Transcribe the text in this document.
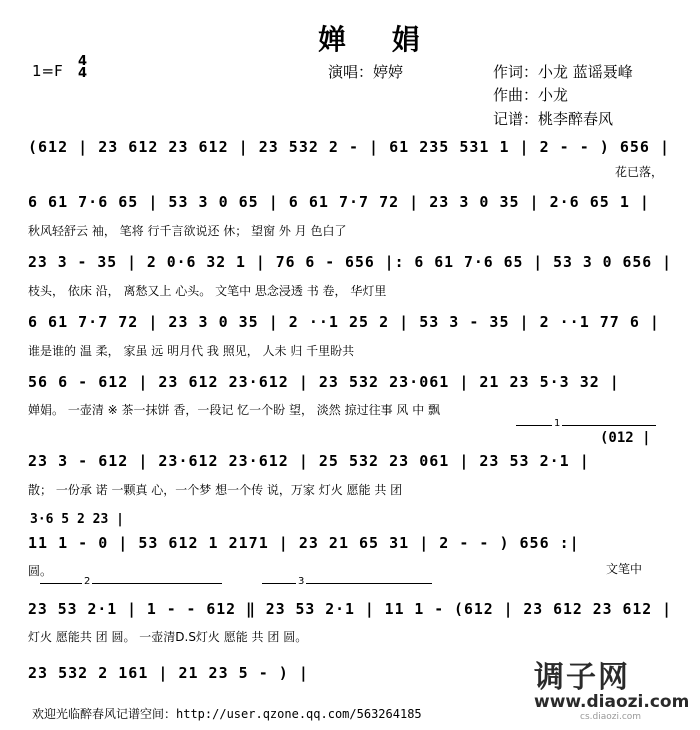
婵 娟
1=F
4
4	演唱：婷婷	作词：小龙 蓝谣聂峰
作曲：小龙
记谱：桃李醉春风
(612 | 23 612 23 612 | 23 532 2 - | 61 235 531 1 | 2 - - ) 656 |
花已落，
6 61 7·6 65 | 53 3 0 65 | 6 61 7·7 72 | 23 3 0 35 | 2·6 65 1 |
秋风轻舒云 袖， 笔将 行千言欲说还 休； 望窗 外 月 色白了
23 3 - 35 | 2 0·6 32 1 | 76 6 - 656 |: 6 61 7·6 65 | 53 3 0 656 |
枝头， 依床 沿， 离愁又上 心头。 文笔中 思念浸透 书 卷， 华灯里
6 61 7·7 72 | 23 3 0 35 | 2 ··1 25 2 | 53 3 - 35 | 2 ··1 77 6 |
谁是谁的 温 柔， 家虽 远 明月代 我 照见， 人未 归 千里盼共
56 6 - 612 | 23 612 23·612 | 23 532 23·061 | 21 23 5·3 32 |
婵娟。 一壶清 ※ 茶一抹饼 香，一段记 忆一个盼 望， 淡然 掠过往事 风 中 飘
1
(012 |
23 3 - 612 | 23·612 23·612 | 25 532 23 061 | 23 53 2·1 |
散； 一份承 诺 一颗真 心，一个梦 想一个传 说，万家 灯火 愿能 共 团
3·6 5 2 23 |
11 1 - 0 | 53 612 1 2171 | 23 21 65 31 | 2 - - ) 656 :|
圆。	文笔中
2	3
23 53 2·1 | 1 - - 612 ‖ 23 53 2·1 | 11 1 - (612 | 23 612 23 612 |
灯火 愿能共 团 圆。 一壶清D.S灯火 愿能 共 团 圆。
23 532 2 161 | 21 23 5 - ) |
欢迎光临醉春风记谱空间：http://user.qzone.qq.com/563264185
调子网
www.diaozi.com
cs.diaozi.com
